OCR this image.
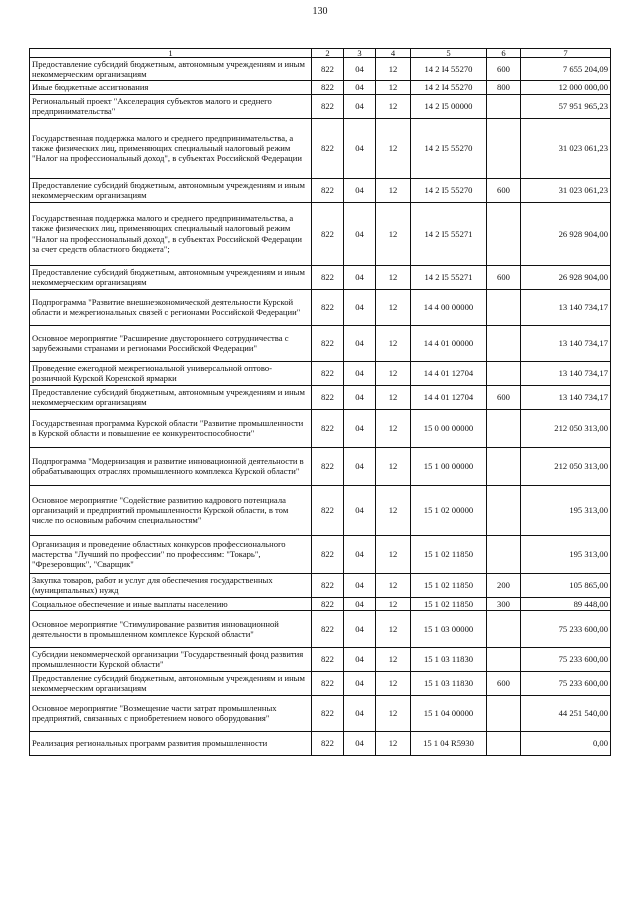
130
1	2	3	4	5	6	7
Предоставление субсидий бюджетным, автономным учреждениям и иным некоммерческим организациям	822	04	12	14 2 I4 55270	600	7 655 204,09
Иные бюджетные ассигнования	822	04	12	14 2 I4 55270	800	12 000 000,00
Региональный проект "Акселерация субъектов малого и среднего предпринимательства"	822	04	12	14 2 I5 00000		57 951 965,23
Государственная поддержка малого и среднего предпринимательства, а также физических лиц, применяющих специальный налоговый режим "Налог на профессиональный доход", в субъектах Российской Федерации	822	04	12	14 2 I5 55270		31 023 061,23
Предоставление субсидий бюджетным, автономным учреждениям и иным некоммерческим организациям	822	04	12	14 2 I5 55270	600	31 023 061,23
Государственная поддержка малого и среднего предпринимательства, а также физических лиц, применяющих специальный налоговый режим "Налог на профессиональный доход", в субъектах Российской Федерации за счет средств областного бюджета";	822	04	12	14 2 I5 55271		26 928 904,00
Предоставление субсидий бюджетным, автономным учреждениям и иным некоммерческим организациям	822	04	12	14 2 I5 55271	600	26 928 904,00
Подпрограмма "Развитие внешнеэкономической деятельности Курской области и межрегиональных связей с регионами Российской Федерации"	822	04	12	14 4 00 00000		13 140 734,17
Основное мероприятие "Расширение двустороннего сотрудничества с зарубежными странами и регионами Российской Федерации"	822	04	12	14 4 01 00000		13 140 734,17
Проведение ежегодной межрегиональной универсальной оптово-розничной Курской Коренской ярмарки	822	04	12	14 4 01 12704		13 140 734,17
Предоставление субсидий бюджетным, автономным учреждениям и иным некоммерческим организациям	822	04	12	14 4 01 12704	600	13 140 734,17
Государственная программа Курской области "Развитие промышленности в Курской области и повышение ее конкурентоспособности"	822	04	12	15 0 00 00000		212 050 313,00
Подпрограмма "Модернизация и развитие инновационной деятельности в обрабатывающих отраслях промышленного комплекса Курской области"	822	04	12	15 1 00 00000		212 050 313,00
Основное мероприятие "Содействие развитию кадрового потенциала организаций и предприятий промышленности Курской области, в том числе по основным рабочим специальностям"	822	04	12	15 1 02 00000		195 313,00
Организация и проведение областных конкурсов профессионального мастерства "Лучший по профессии" по профессиям: "Токарь", "Фрезеровщик", "Сварщик"	822	04	12	15 1 02 11850		195 313,00
Закупка товаров, работ и услуг для обеспечения государственных (муниципальных) нужд	822	04	12	15 1 02 11850	200	105 865,00
Социальное обеспечение и иные выплаты населению	822	04	12	15 1 02 11850	300	89 448,00
Основное мероприятие "Стимулирование развития инновационной деятельности в промышленном комплексе Курской области"	822	04	12	15 1 03 00000		75 233 600,00
Субсидии некоммерческой организации "Государственный фонд развития промышленности Курской области"	822	04	12	15 1 03 11830		75 233 600,00
Предоставление субсидий бюджетным, автономным учреждениям и иным некоммерческим организациям	822	04	12	15 1 03 11830	600	75 233 600,00
Основное мероприятие "Возмещение части затрат промышленных предприятий, связанных с приобретением нового оборудования"	822	04	12	15 1 04 00000		44 251 540,00
Реализация региональных программ развития промышленности	822	04	12	15 1 04 R5930		0,00
